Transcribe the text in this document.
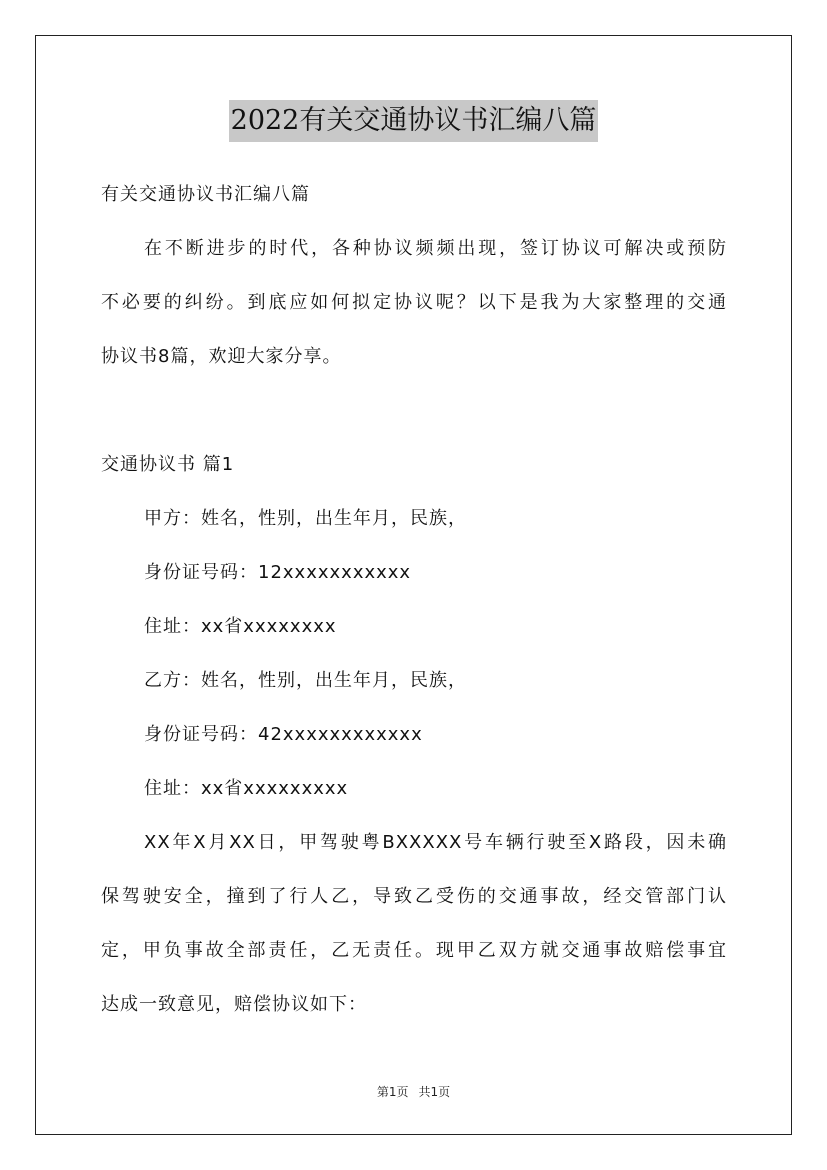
2022有关交通协议书汇编八篇
有关交通协议书汇编八篇
在不断进步的时代，各种协议频频出现，签订协议可解决或预防
不必要的纠纷。到底应如何拟定协议呢？以下是我为大家整理的交通
协议书8篇，欢迎大家分享。
交通协议书 篇1
甲方：姓名，性别，出生年月，民族，
身份证号码：12xxxxxxxxxxx
住址：xx省xxxxxxxx
乙方：姓名，性别，出生年月，民族，
身份证号码：42xxxxxxxxxxxx
住址：xx省xxxxxxxxx
XX年X月XX日，甲驾驶粤BXXXXX号车辆行驶至X路段，因未确
保驾驶安全，撞到了行人乙，导致乙受伤的交通事故，经交管部门认
定，甲负事故全部责任，乙无责任。现甲乙双方就交通事故赔偿事宜
达成一致意见，赔偿协议如下：
第1页 共1页
